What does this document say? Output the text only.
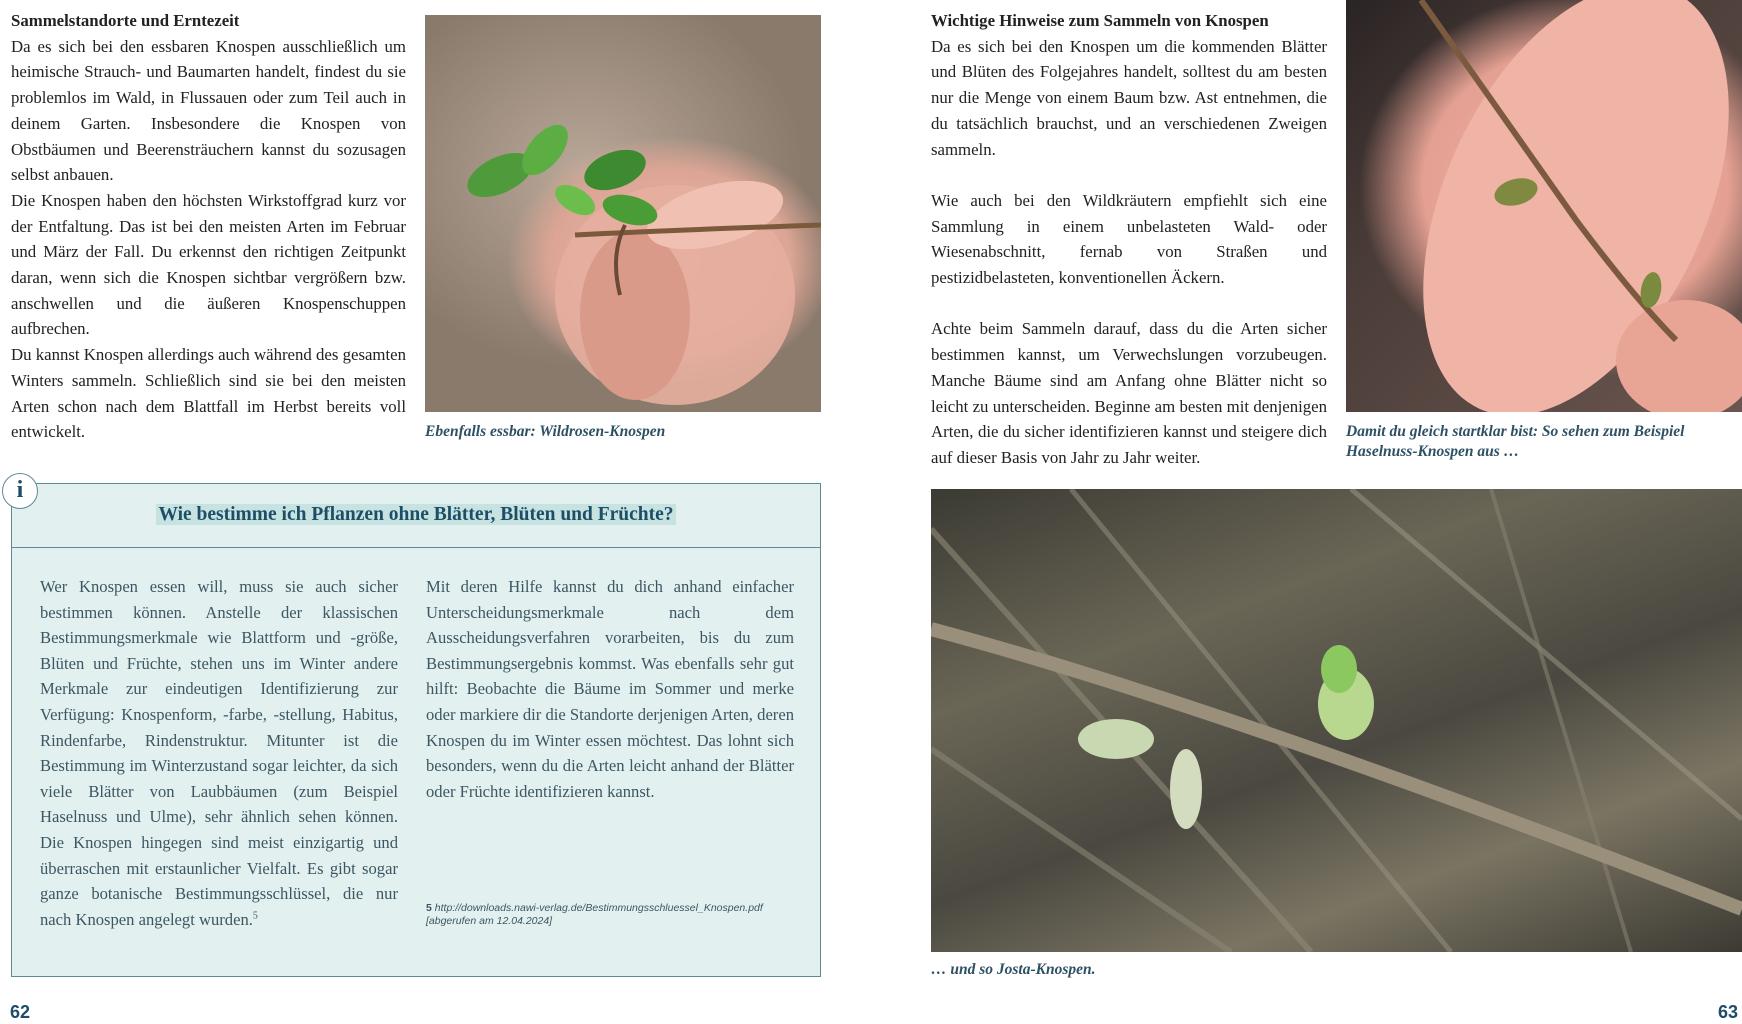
Sammelstandorte und Erntezeit

Da es sich bei den essbaren Knospen ausschließlich um heimische Strauch- und Baumarten handelt, findest du sie problemlos im Wald, in Flussauen oder zum Teil auch in deinem Garten. Insbesondere die Knospen von Obstbäumen und Beerensträuchern kannst du sozusagen selbst anbauen.

Die Knospen haben den höchsten Wirkstoffgrad kurz vor der Entfaltung. Das ist bei den meisten Arten im Februar und März der Fall. Du erkennst den richtigen Zeitpunkt daran, wenn sich die Knospen sichtbar vergrößern bzw. anschwellen und die äußeren Knospenschuppen aufbrechen.

Du kannst Knospen allerdings auch während des gesamten Winters sammeln. Schließlich sind sie bei den meisten Arten schon nach dem Blattfall im Herbst bereits voll entwickelt.	Ebenfalls essbar: Wildrosen-Knospen

Wie bestimme ich Pflanzen ohne Blätter, Blüten und Früchte?

Wer Knospen essen will, muss sie auch sicher bestimmen können. Anstelle der klassischen Bestimmungsmerkmale wie Blattform und -größe, Blüten und Früchte, stehen uns im Winter andere Merkmale zur eindeutigen Identifizierung zur Verfügung: Knospenform, -farbe, -stellung, Habitus, Rindenfarbe, Rindenstruktur. Mitunter ist die Bestimmung im Winterzustand sogar leichter, da sich viele Blätter von Laubbäumen (zum Beispiel Haselnuss und Ulme), sehr ähnlich sehen können. Die Knospen hingegen sind meist einzigartig und überraschen mit erstaunlicher Vielfalt. Es gibt sogar ganze botanische Bestimmungsschlüssel, die nur nach Knospen angelegt wurden.$^5$

Mit deren Hilfe kannst du dich anhand einfacher Unterscheidungsmerkmale nach dem Ausscheidungsverfahren vorarbeiten, bis du zum Bestimmungsergebnis kommst. Was ebenfalls sehr gut hilft: Beobachte die Bäume im Sommer und merke oder markiere dir die Standorte derjenigen Arten, deren Knospen du im Winter essen möchtest. Das lohnt sich besonders, wenn du die Arten leicht anhand der Blätter oder Früchte identifizieren kannst.

5 http://downloads.nawi-verlag.de/Bestimmungsschluessel_Knospen.pdf

[abgerufen am 12.04.2024]

i
62

Wichtige Hinweise zum Sammeln von Knospen

Da es sich bei den Knospen um die kommenden Blätter und Blüten des Folgejahres handelt, solltest du am besten nur die Menge von einem Baum bzw. Ast entnehmen, die du tatsächlich brauchst, und an verschiedenen Zweigen sammeln.

Wie auch bei den Wildkräutern empfiehlt sich eine Sammlung in einem unbelasteten Wald- oder Wiesenabschnitt, fernab von Straßen und pestizidbelasteten, konventionellen Äckern.

Achte beim Sammeln darauf, dass du die Arten sicher bestimmen kannst, um Verwechslungen vorzubeugen. Manche Bäume sind am Anfang ohne Blätter nicht so leicht zu unterscheiden. Beginne am besten mit denjenigen Arten, die du sicher identifizieren kannst und steigere dich auf dieser Basis von Jahr zu Jahr weiter.

Damit du gleich startklar bist: So sehen zum Beispiel Haselnuss-Knospen aus …

… und so Josta-Knospen.

63
